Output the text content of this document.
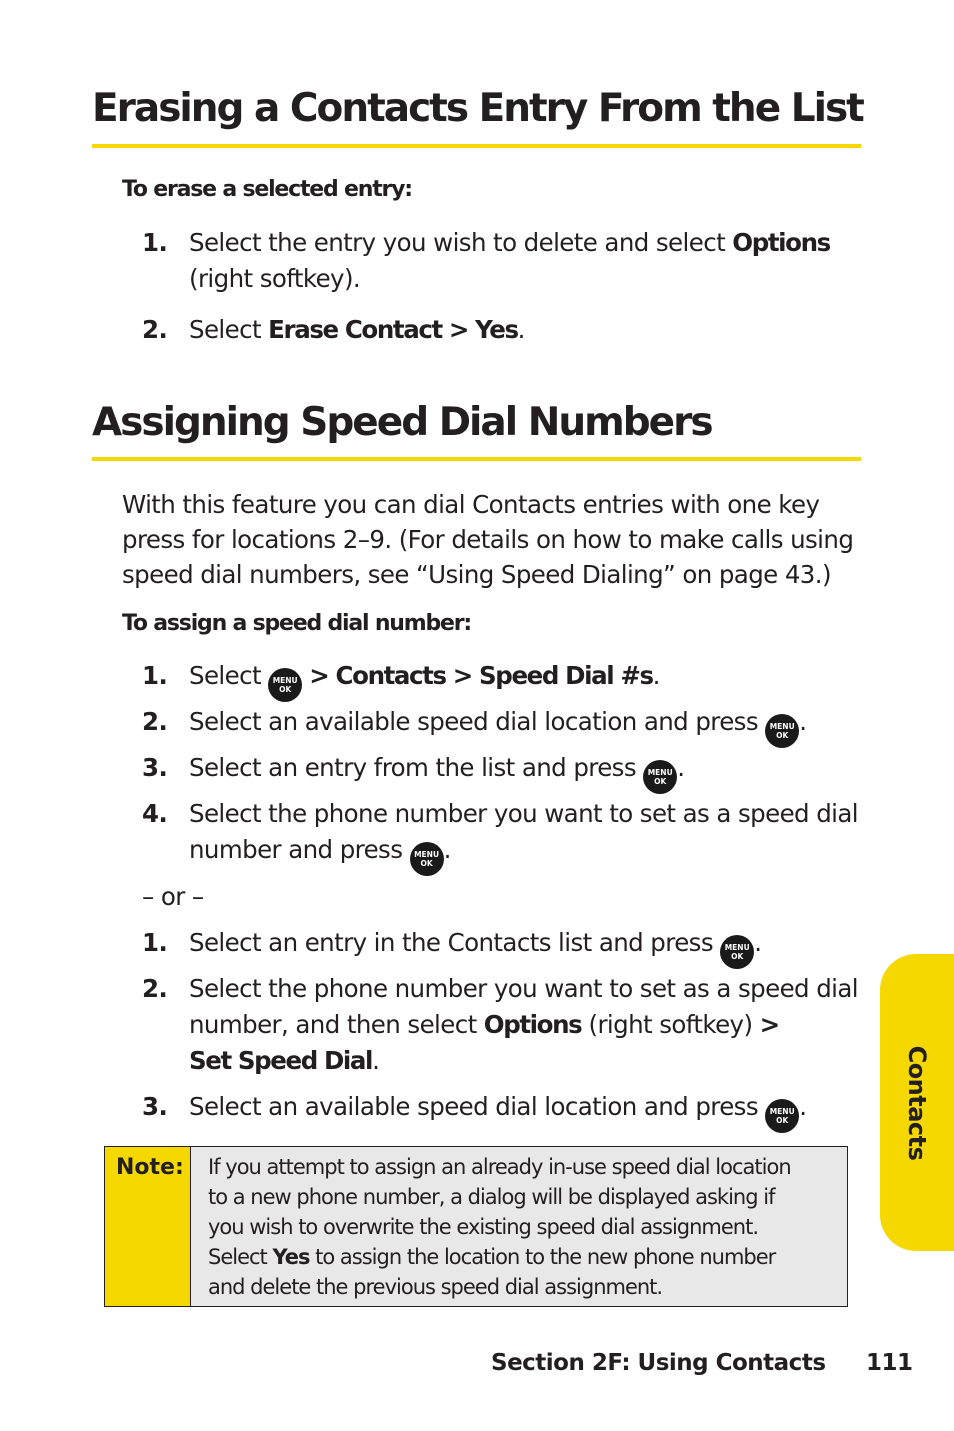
Erasing a Contacts Entry From the List
To erase a selected entry:
1. Select the entry you wish to delete and select Options
(right softkey).
2. Select Erase Contact > Yes.
Assigning Speed Dial Numbers
With this feature you can dial Contacts entries with one key
press for locations 2–9. (For details on how to make calls using
speed dial numbers, see “Using Speed Dialing” on page 43.)
To assign a speed dial number:
1. Select MENU
OK > Contacts > Speed Dial #s.
2. Select an available speed dial location and press MENU
OK .
3. Select an entry from the list and press MENU
OK .
4. Select the phone number you want to set as a speed dial
number and press MENU
OK .
– or –
1. Select an entry in the Contacts list and press MENU
OK .
2. Select the phone number you want to set as a speed dial
number, and then select Options (right softkey) >
Set Speed Dial.
3. Select an available speed dial location and press MENU
OK .
Note:	If you attempt to assign an already in-use speed dial location
to a new phone number, a dialog will be displayed asking if
you wish to overwrite the existing speed dial assignment.
Select Yes to assign the location to the new phone number
and delete the previous speed dial assignment.
Contacts
Section 2F: Using Contacts 111
